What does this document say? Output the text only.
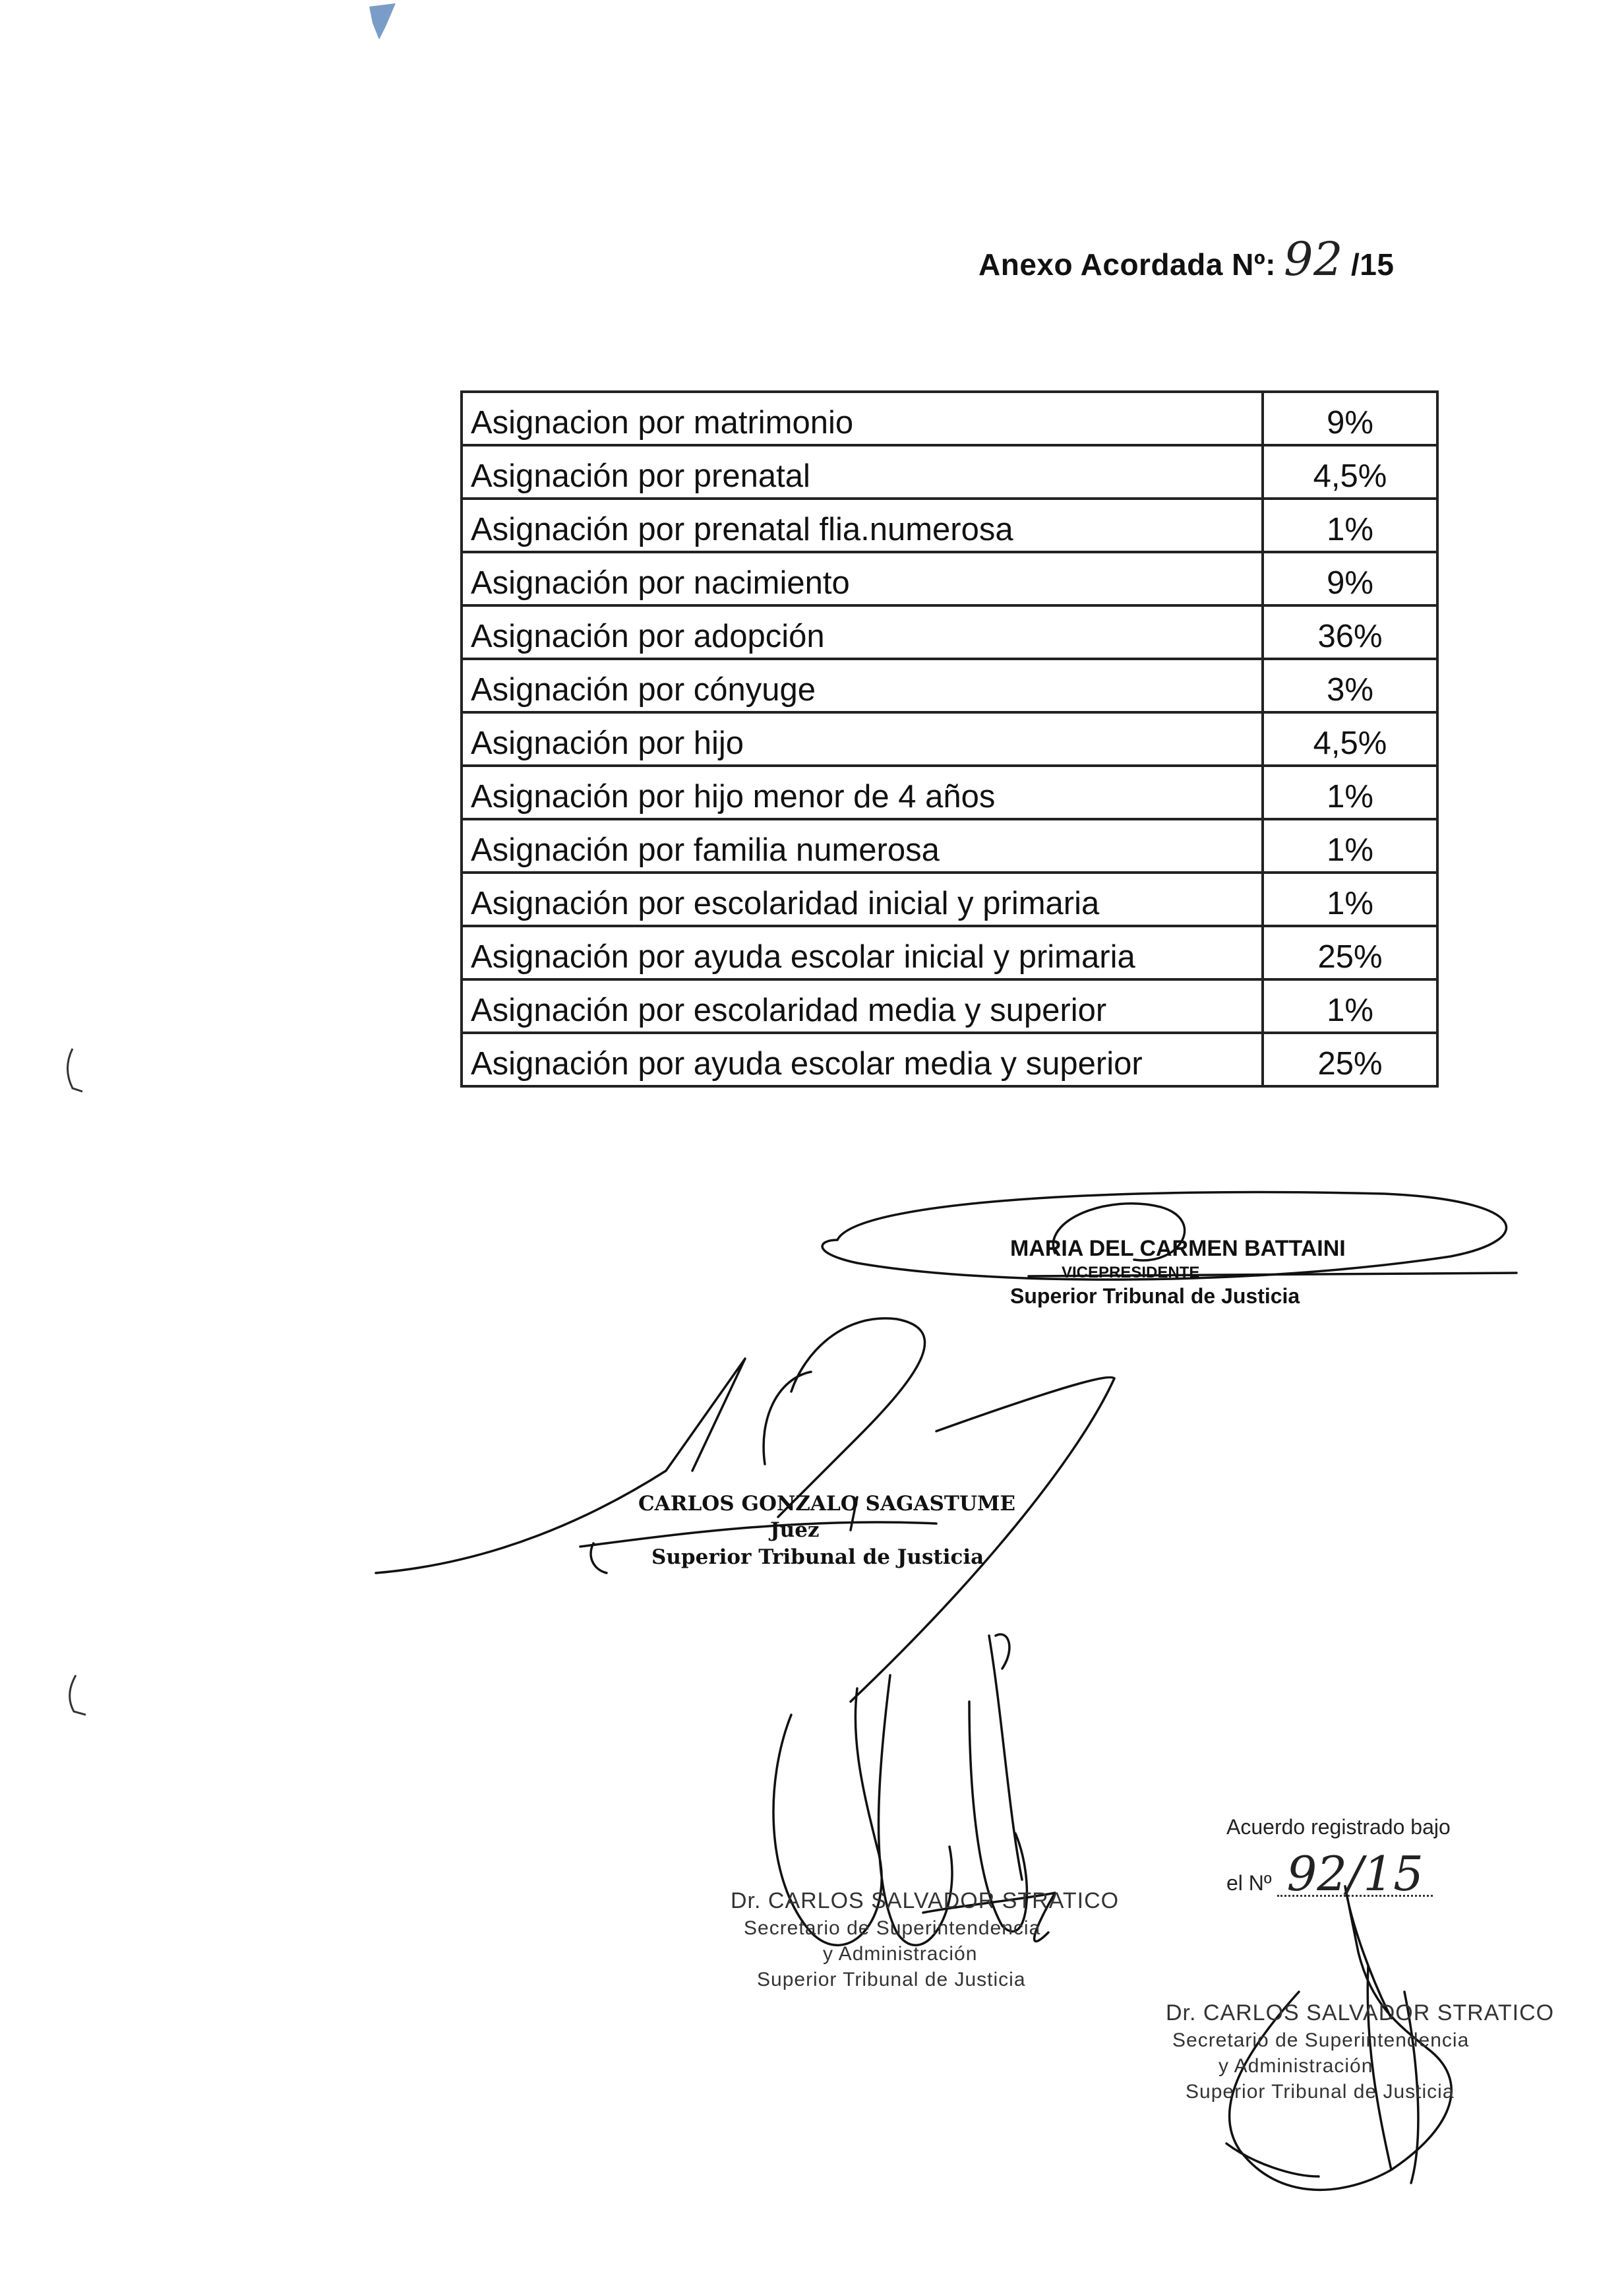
Anexo Acordada Nº: 92 /15
Asignacion por matrimonio	9%
Asignación por prenatal	4,5%
Asignación por prenatal flia.numerosa	1%
Asignación por nacimiento	9%
Asignación por adopción	36%
Asignación por cónyuge	3%
Asignación por hijo	4,5%
Asignación por hijo menor de 4 años	1%
Asignación por familia numerosa	1%
Asignación por escolaridad inicial y primaria	1%
Asignación por ayuda escolar inicial y primaria	25%
Asignación por escolaridad media y superior	1%
Asignación por ayuda escolar media y superior	25%
MARIA DEL CARMEN BATTAINI
VICEPRESIDENTE
Superior Tribunal de Justicia
CARLOS GONZALO SAGASTUME
Juez
Superior Tribunal de Justicia
Dr. CARLOS SALVADOR STRATICO
Secretario de Superintendencia
y Administración
Superior Tribunal de Justicia
Acuerdo registrado bajo
el Nº 92/15
Dr. CARLOS SALVADOR STRATICO
Secretario de Superintendencia
y Administración
Superior Tribunal de Justicia
